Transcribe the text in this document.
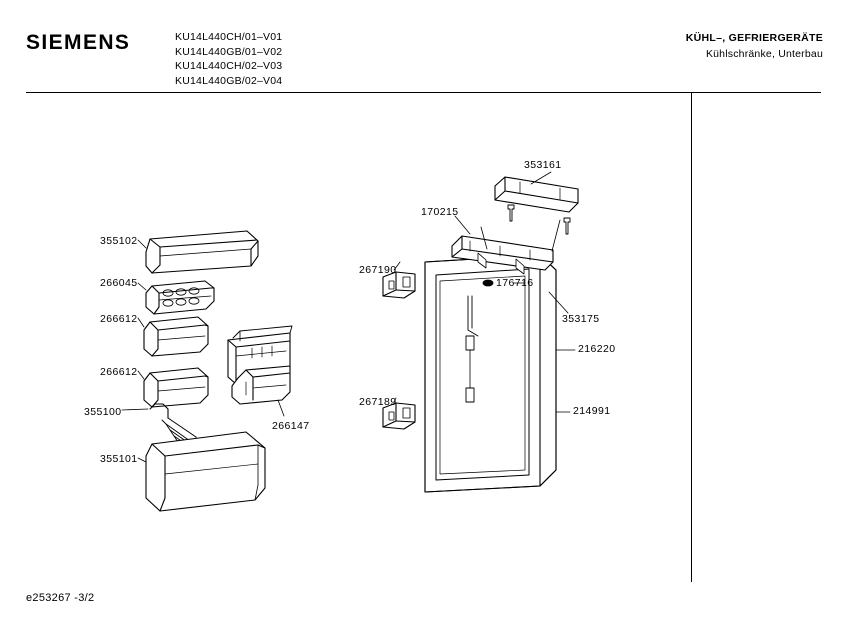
SIEMENS	KU14L440CH/01–V01
KU14L440GB/01–V02
KU14L440CH/02–V03
KU14L440GB/02–V04
KÜHL–, GEFRIERGERÄTE
Kühlschränke, Unterbau
e253267 -3/2
355102
266045
266612
266612
355100
355101
266147
267190
267189
170215
353161
176716
353175
216220
214991
